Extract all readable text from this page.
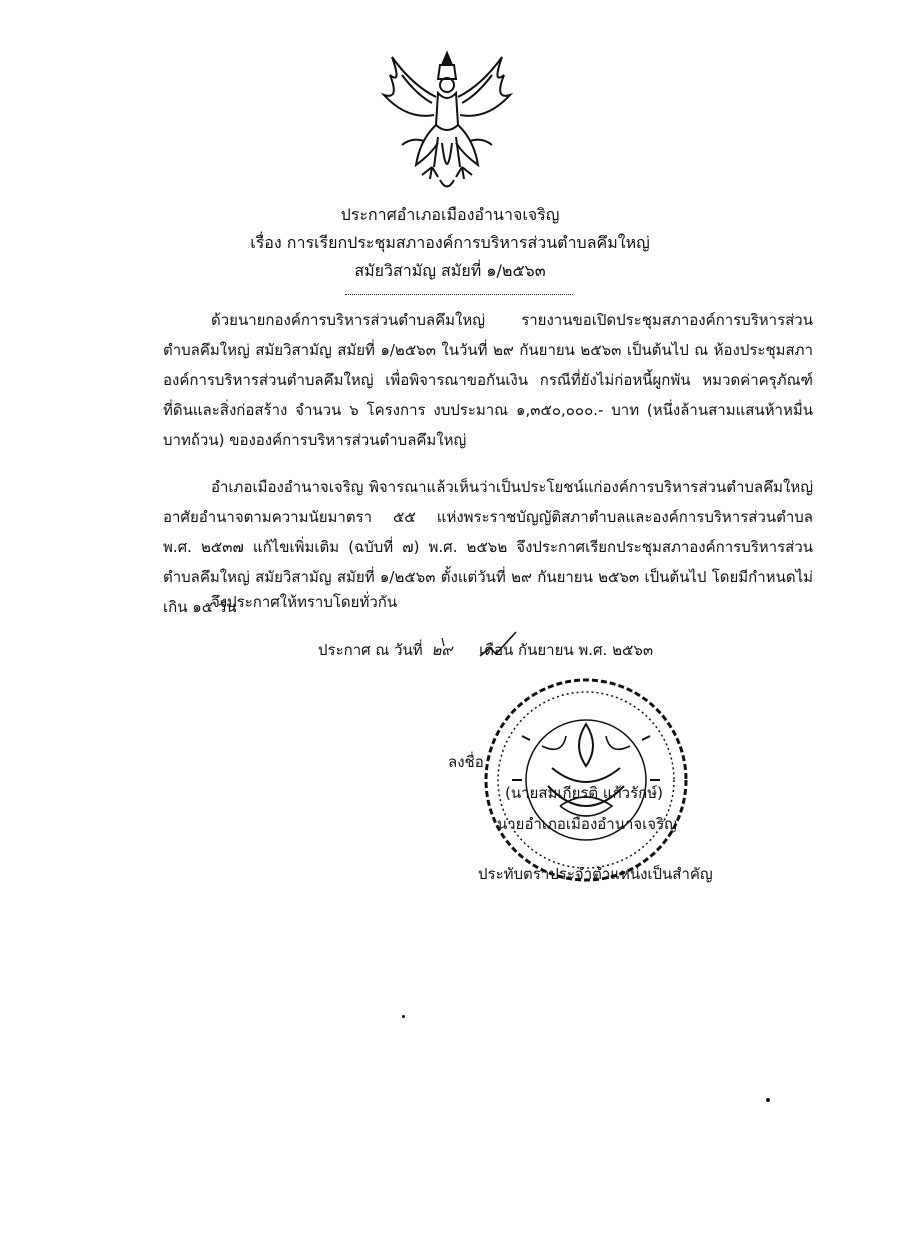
ประกาศอำเภอเมืองอำนาจเจริญ
เรื่อง การเรียกประชุมสภาองค์การบริหารส่วนตำบลคึมใหญ่
สมัยวิสามัญ สมัยที่ ๑/๒๕๖๓

ด้วยนายกองค์การบริหารส่วนตำบลคึมใหญ่ รายงานขอเปิดประชุมสภาองค์การบริหารส่วนตำบลคึมใหญ่ สมัยวิสามัญ สมัยที่ ๑/๒๕๖๓ ในวันที่ ๒๙ กันยายน ๒๕๖๓ เป็นต้นไป ณ ห้องประชุมสภาองค์การบริหารส่วนตำบลคึมใหญ่ เพื่อพิจารณาขอกันเงิน กรณีที่ยังไม่ก่อหนี้ผูกพัน หมวดค่าครุภัณฑ์ที่ดินและสิ่งก่อสร้าง จำนวน ๖ โครงการ งบประมาณ ๑,๓๕๐,๐๐๐.- บาท (หนึ่งล้านสามแสนห้าหมื่นบาทถ้วน) ขององค์การบริหารส่วนตำบลคึมใหญ่

อำเภอเมืองอำนาจเจริญ พิจารณาแล้วเห็นว่าเป็นประโยชน์แก่องค์การบริหารส่วนตำบลคึมใหญ่ อาศัยอำนาจตามความนัยมาตรา ๕๕ แห่งพระราชบัญญัติสภาตำบลและองค์การบริหารส่วนตำบล พ.ศ. ๒๕๓๗ แก้ไขเพิ่มเติม (ฉบับที่ ๗) พ.ศ. ๒๕๖๒ จึงประกาศเรียกประชุมสภาองค์การบริหารส่วนตำบลคึมใหญ่ สมัยวิสามัญ สมัยที่ ๑/๒๕๖๓ ตั้งแต่วันที่ ๒๙ กันยายน ๒๕๖๓ เป็นต้นไป โดยมีกำหนดไม่เกิน ๑๕ วัน

จึงประกาศให้ทราบโดยทั่วกัน
ประกาศ ณ วันที่ ๒๙ เดือน กันยายน พ.ศ. ๒๕๖๓
ลงชื่อ
(นายสมเกียรติ แก้วรักษ์)
นายอำเภอเมืองอำนาจเจริญ
ประทับตราประจำตำแหน่งเป็นสำคัญ
